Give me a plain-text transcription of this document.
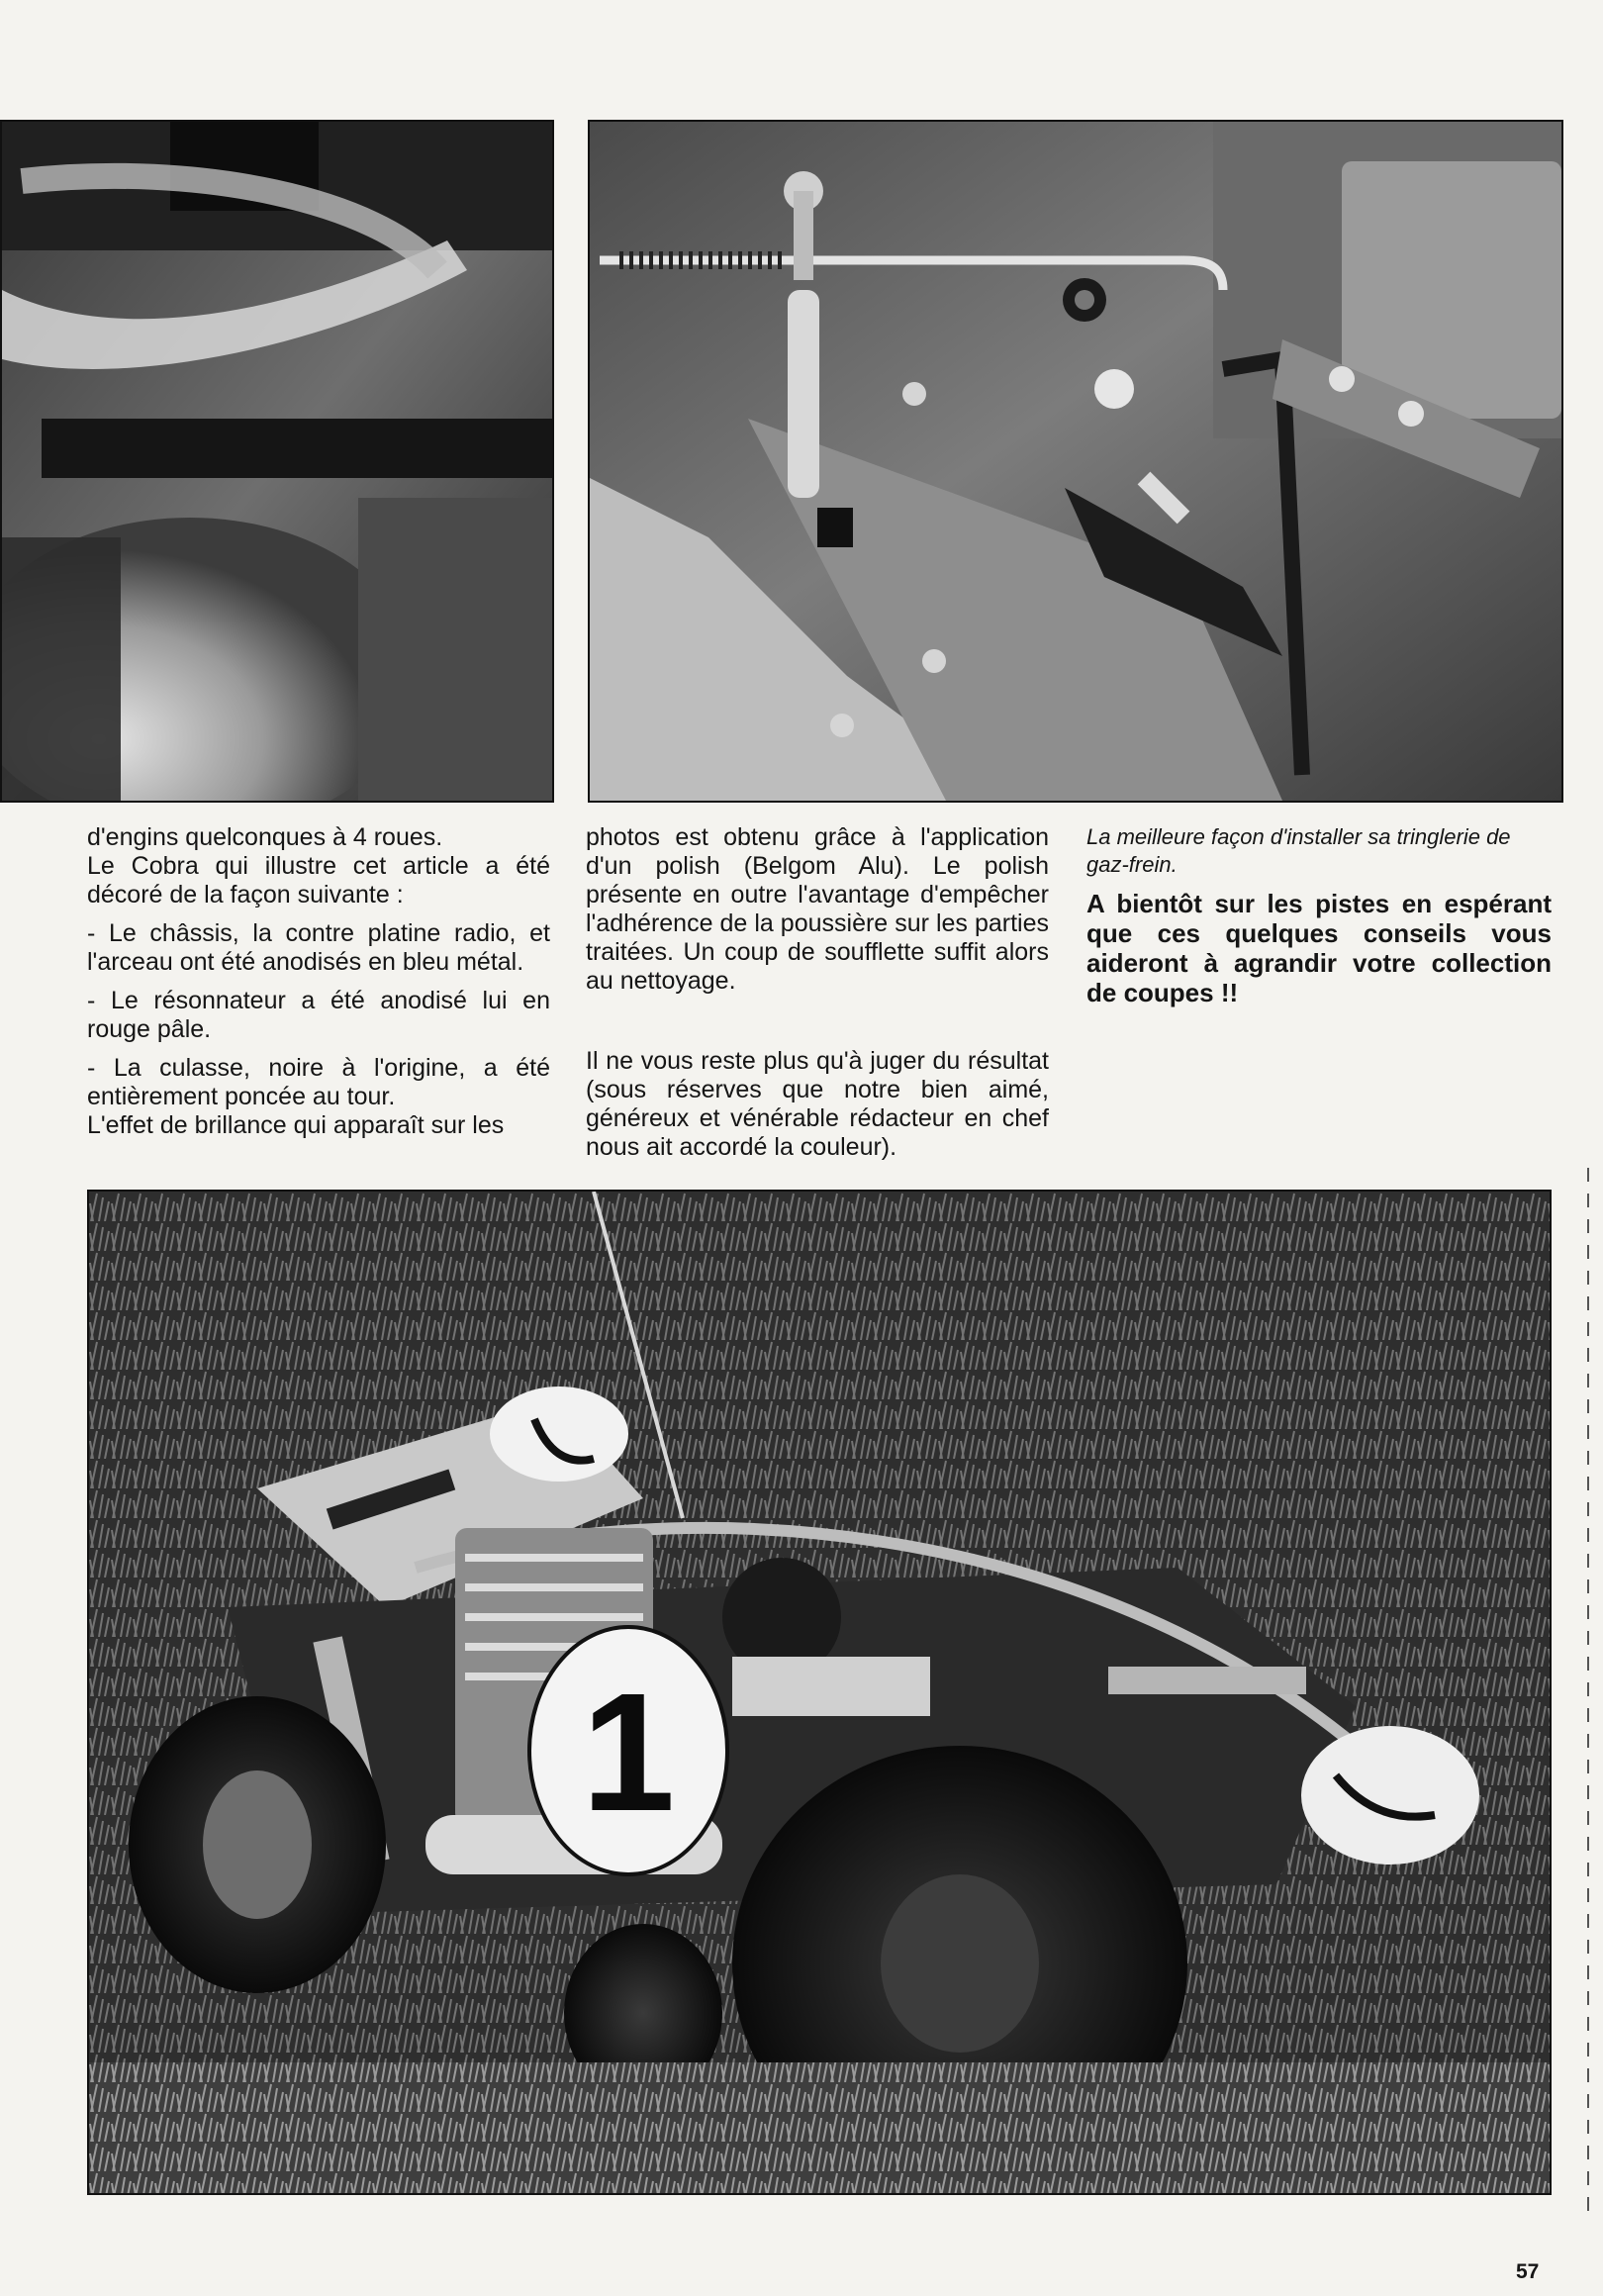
d'engins quelconques à 4 roues.

Le Cobra qui illustre cet article a été décoré de la façon suivante :

- Le châssis, la contre platine radio, et l'arceau ont été anodisés en bleu métal.

- Le résonnateur a été anodisé lui en rouge pâle.

- La culasse, noire à l'origine, a été entièrement poncée au tour.

L'effet de brillance qui apparaît sur les

photos est obtenu grâce à l'application d'un polish (Belgom Alu). Le polish présente en outre l'avantage d'empêcher l'adhérence de la poussière sur les parties traitées. Un coup de soufflette suffit alors au nettoyage.

Il ne vous reste plus qu'à juger du résultat (sous réserves que notre bien aimé, généreux et vénérable rédacteur en chef nous ait accordé la couleur).

La meilleure façon d'installer sa tringlerie de gaz-frein.

A bientôt sur les pistes en espérant que ces quelques conseils vous aideront à agrandir votre collection de coupes !!

1
57
